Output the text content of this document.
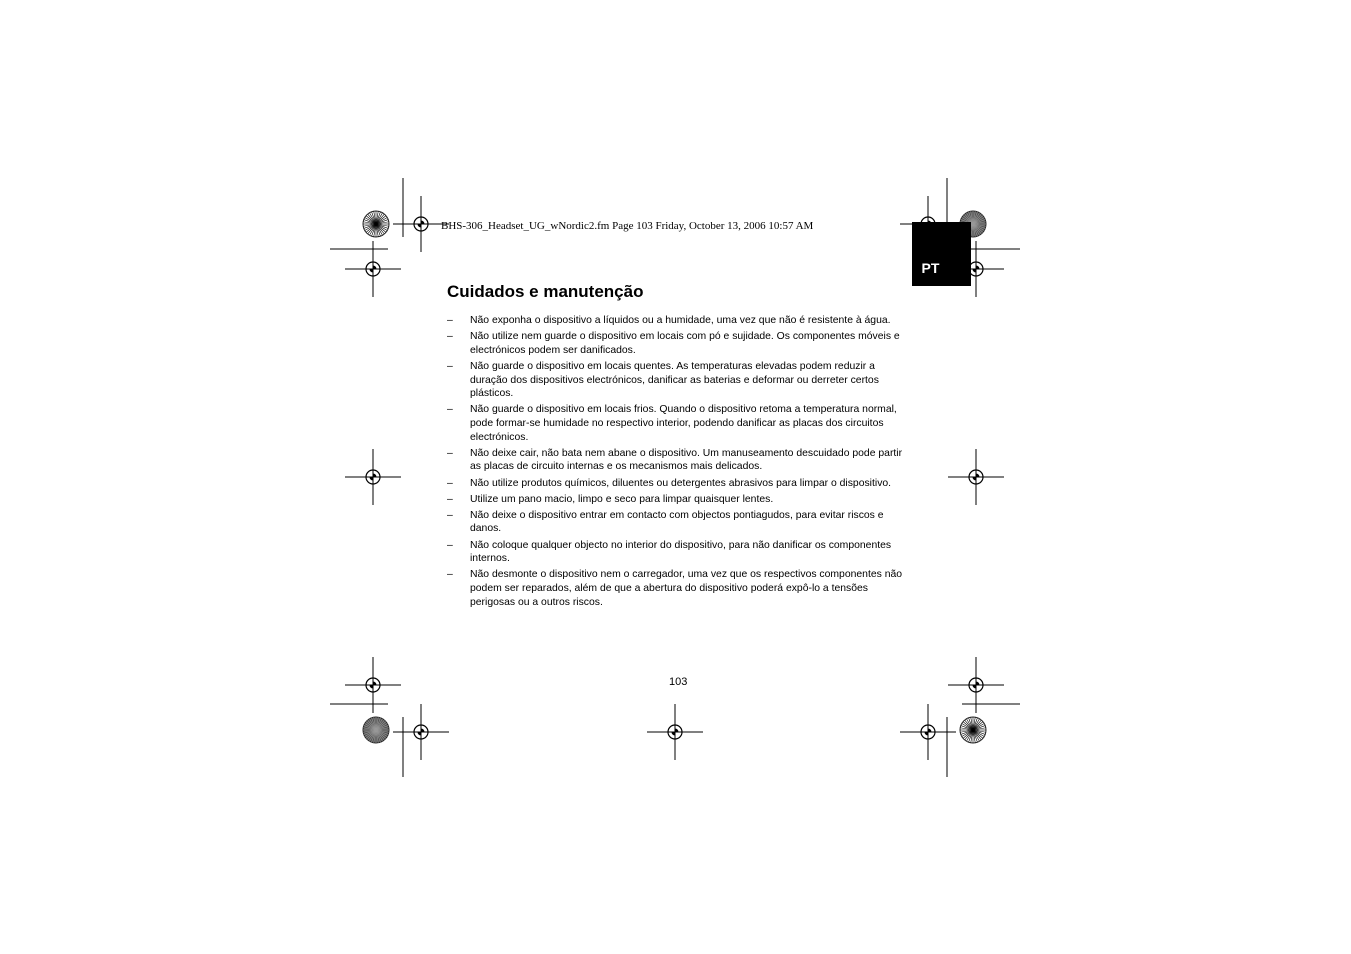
BHS-306_Headset_UG_wNordic2.fm Page 103 Friday, October 13, 2006 10:57 AM
PT
Cuidados e manutenção
– Não exponha o dispositivo a líquidos ou a humidade, uma vez que não é resistente à água.
– Não utilize nem guarde o dispositivo em locais com pó e sujidade. Os componentes móveis e electrónicos podem ser danificados.
– Não guarde o dispositivo em locais quentes. As temperaturas elevadas podem reduzir a duração dos dispositivos electrónicos, danificar as baterias e deformar ou derreter certos plásticos.
– Não guarde o dispositivo em locais frios. Quando o dispositivo retoma a temperatura normal, pode formar-se humidade no respectivo interior, podendo danificar as placas dos circuitos electrónicos.
– Não deixe cair, não bata nem abane o dispositivo. Um manuseamento descuidado pode partir as placas de circuito internas e os mecanismos mais delicados.
– Não utilize produtos químicos, diluentes ou detergentes abrasivos para limpar o dispositivo.
– Utilize um pano macio, limpo e seco para limpar quaisquer lentes.
– Não deixe o dispositivo entrar em contacto com objectos pontiagudos, para evitar riscos e danos.
– Não coloque qualquer objecto no interior do dispositivo, para não danificar os componentes internos.
– Não desmonte o dispositivo nem o carregador, uma vez que os respectivos componentes não podem ser reparados, além de que a abertura do dispositivo poderá expô-lo a tensões perigosas ou a outros riscos.
103
